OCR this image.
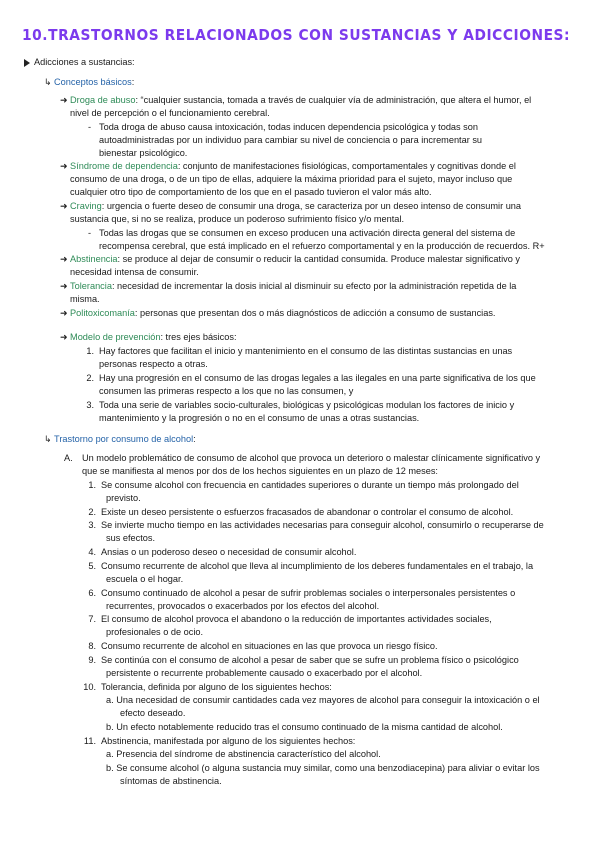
10.TRASTORNOS RELACIONADOS CON SUSTANCIAS Y ADICCIONES:
Adicciones a sustancias:
↳ Conceptos básicos:
➜ Droga de abuso: “cualquier sustancia, tomada a través de cualquier vía de administración, que altera el humor, el
nivel de percepción o el funcionamiento cerebral.
- Toda droga de abuso causa intoxicación, todas inducen dependencia psicológica y todas son
autoadministradas por un individuo para cambiar su nivel de conciencia o para incrementar su
bienestar psicológico.
➜ Síndrome de dependencia: conjunto de manifestaciones fisiológicas, comportamentales y cognitivas donde el
consumo de una droga, o de un tipo de ellas, adquiere la máxima prioridad para el sujeto, mayor incluso que
cualquier otro tipo de comportamiento de los que en el pasado tuvieron el valor más alto.
➜ Craving: urgencia o fuerte deseo de consumir una droga, se caracteriza por un deseo intenso de consumir una
sustancia que, si no se realiza, produce un poderoso sufrimiento físico y/o mental.
- Todas las drogas que se consumen en exceso producen una activación directa general del sistema de
recompensa cerebral, que está implicado en el refuerzo comportamental y en la producción de recuerdos. R+
➜ Abstinencia: se produce al dejar de consumir o reducir la cantidad consumida. Produce malestar significativo y
necesidad intensa de consumir.
➜ Tolerancia: necesidad de incrementar la dosis inicial al disminuir su efecto por la administración repetida de la
misma.
➜ Politoxicomanía: personas que presentan dos o más diagnósticos de adicción a consumo de sustancias.
➜ Modelo de prevención: tres ejes básicos:
1. Hay factores que facilitan el inicio y mantenimiento en el consumo de las distintas sustancias en unas
personas respecto a otras.
2. Hay una progresión en el consumo de las drogas legales a las ilegales en una parte significativa de los que
consumen las primeras respecto a los que no las consumen, y
3. Toda una serie de variables socio-culturales, biológicas y psicológicas modulan los factores de inicio y
mantenimiento y la progresión o no en el consumo de unas a otras sustancias.
↳ Trastorno por consumo de alcohol:
A. Un modelo problemático de consumo de alcohol que provoca un deterioro o malestar clínicamente significativo y
que se manifiesta al menos por dos de los hechos siguientes en un plazo de 12 meses:
1. Se consume alcohol con frecuencia en cantidades superiores o durante un tiempo más prolongado del
previsto.
2. Existe un deseo persistente o esfuerzos fracasados de abandonar o controlar el consumo de alcohol.
3. Se invierte mucho tiempo en las actividades necesarias para conseguir alcohol, consumirlo o recuperarse de
sus efectos.
4. Ansias o un poderoso deseo o necesidad de consumir alcohol.
5. Consumo recurrente de alcohol que lleva al incumplimiento de los deberes fundamentales en el trabajo, la
escuela o el hogar.
6. Consumo continuado de alcohol a pesar de sufrir problemas sociales o interpersonales persistentes o
recurrentes, provocados o exacerbados por los efectos del alcohol.
7. El consumo de alcohol provoca el abandono o la reducción de importantes actividades sociales,
profesionales o de ocio.
8. Consumo recurrente de alcohol en situaciones en las que provoca un riesgo físico.
9. Se continúa con el consumo de alcohol a pesar de saber que se sufre un problema físico o psicológico
persistente o recurrente probablemente causado o exacerbado por el alcohol.
10. Tolerancia, definida por alguno de los siguientes hechos:
11. Abstinencia, manifestada por alguno de los siguientes hechos:
a. Una necesidad de consumir cantidades cada vez mayores de alcohol para conseguir la intoxicación o el
efecto deseado.
b. Un efecto notablemente reducido tras el consumo continuado de la misma cantidad de alcohol.
a. Presencia del síndrome de abstinencia característico del alcohol.
b. Se consume alcohol (o alguna sustancia muy similar, como una benzodiacepina) para aliviar o evitar los
síntomas de abstinencia.
